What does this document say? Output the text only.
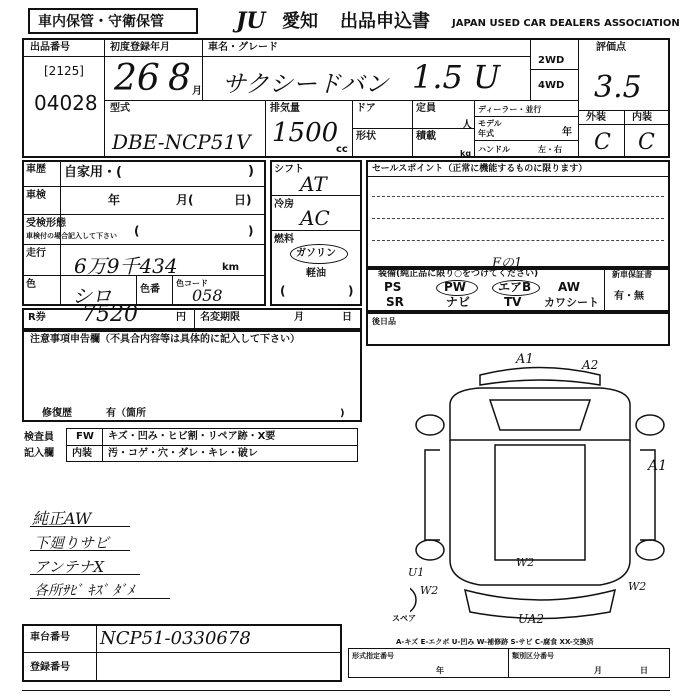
車内保管・守衛保管	JU 愛知 出品申込書 JAPAN USED CAR DEALERS ASSOCIATION
出品番号
[2125]
04028
初度登録年月
26 8 月
車名・グレード
サクシードバン 1.5 U	2WD
4WD
評価点
3.5
型式
DBE-NCP51V
排気量
1500
cc
ドア
形状
定員
人
積載
kg
ディーラー・並行
モデル
年式	年
ハンドル	左・右
外装	内装
C C
車歴 自家用・(	)
車検	年	月(	日)
受検形態
車検付の場合記入して下さい (	)
走行
6万9千434	km
色 シロ	色番
色コード
058
シフト
AT
冷房
AC
燃料
ガソリン
軽油
(	)
セールスポイント（正常に機能するものに限ります）
Fの1
装備(純正品に限り○をつけてください)	新車保証書
有・無
PS	PW	エアB AW
SR	ナビ	TV カワシート
R券 7520	円 名変期限	月	日
注意事項申告欄（不具合内容等は具体的に記入して下さい）
修復歴	有（箇所	)
後日品
検査員
記入欄
FW キズ・凹み・ヒビ割・リペア跡・X要
内装 汚・コゲ・穴・ダレ・キレ・破レ
純正AW
下廻りサビ
アンテナX
各所ｻﾋﾞ ｷｽﾞ ﾀﾞﾒ
A1	A2
A1
U1
W2
W2
W2
UA2
スペア
A-キズ E-エクボ U-凹み W-補修跡 S-サビ C-腐食 XX-交換済
車台番号 NCP51-0330678
登録番号
形式指定番号	類別区分番号
年	月	日
